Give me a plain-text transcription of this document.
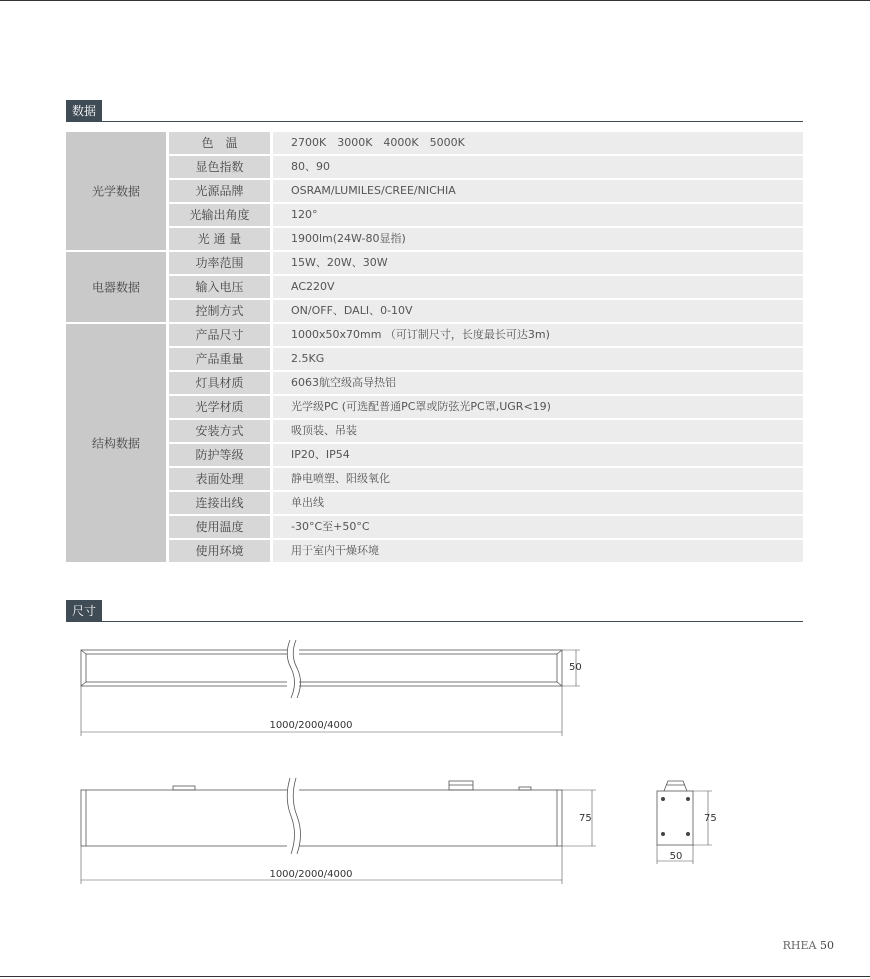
数据
光学数据
色　温	2700K　3000K　4000K　5000K
显色指数	80、90
光源品牌	OSRAM/LUMILES/CREE/NICHIA
光输出角度	120°
光 通 量	1900lm(24W-80显指)
电器数据
功率范围	15W、20W、30W
输入电压	AC220V
控制方式	ON/OFF、DALI、0-10V
结构数据
产品尺寸	1000x50x70mm （可订制尺寸，长度最长可达3m)
产品重量	2.5KG
灯具材质	6063航空级高导热铝
光学材质	光学级PC (可选配普通PC罩或防弦光PC罩,UGR<19)
安装方式	吸顶装、吊装
防护等级	IP20、IP54
表面处理	静电喷塑、阳级氧化
连接出线	单出线
使用温度	-30°C至+50°C
使用环境	用于室内干燥环境
尺寸
50
1000/2000/4000
75
1000/2000/4000
75
50
RHEA 50
